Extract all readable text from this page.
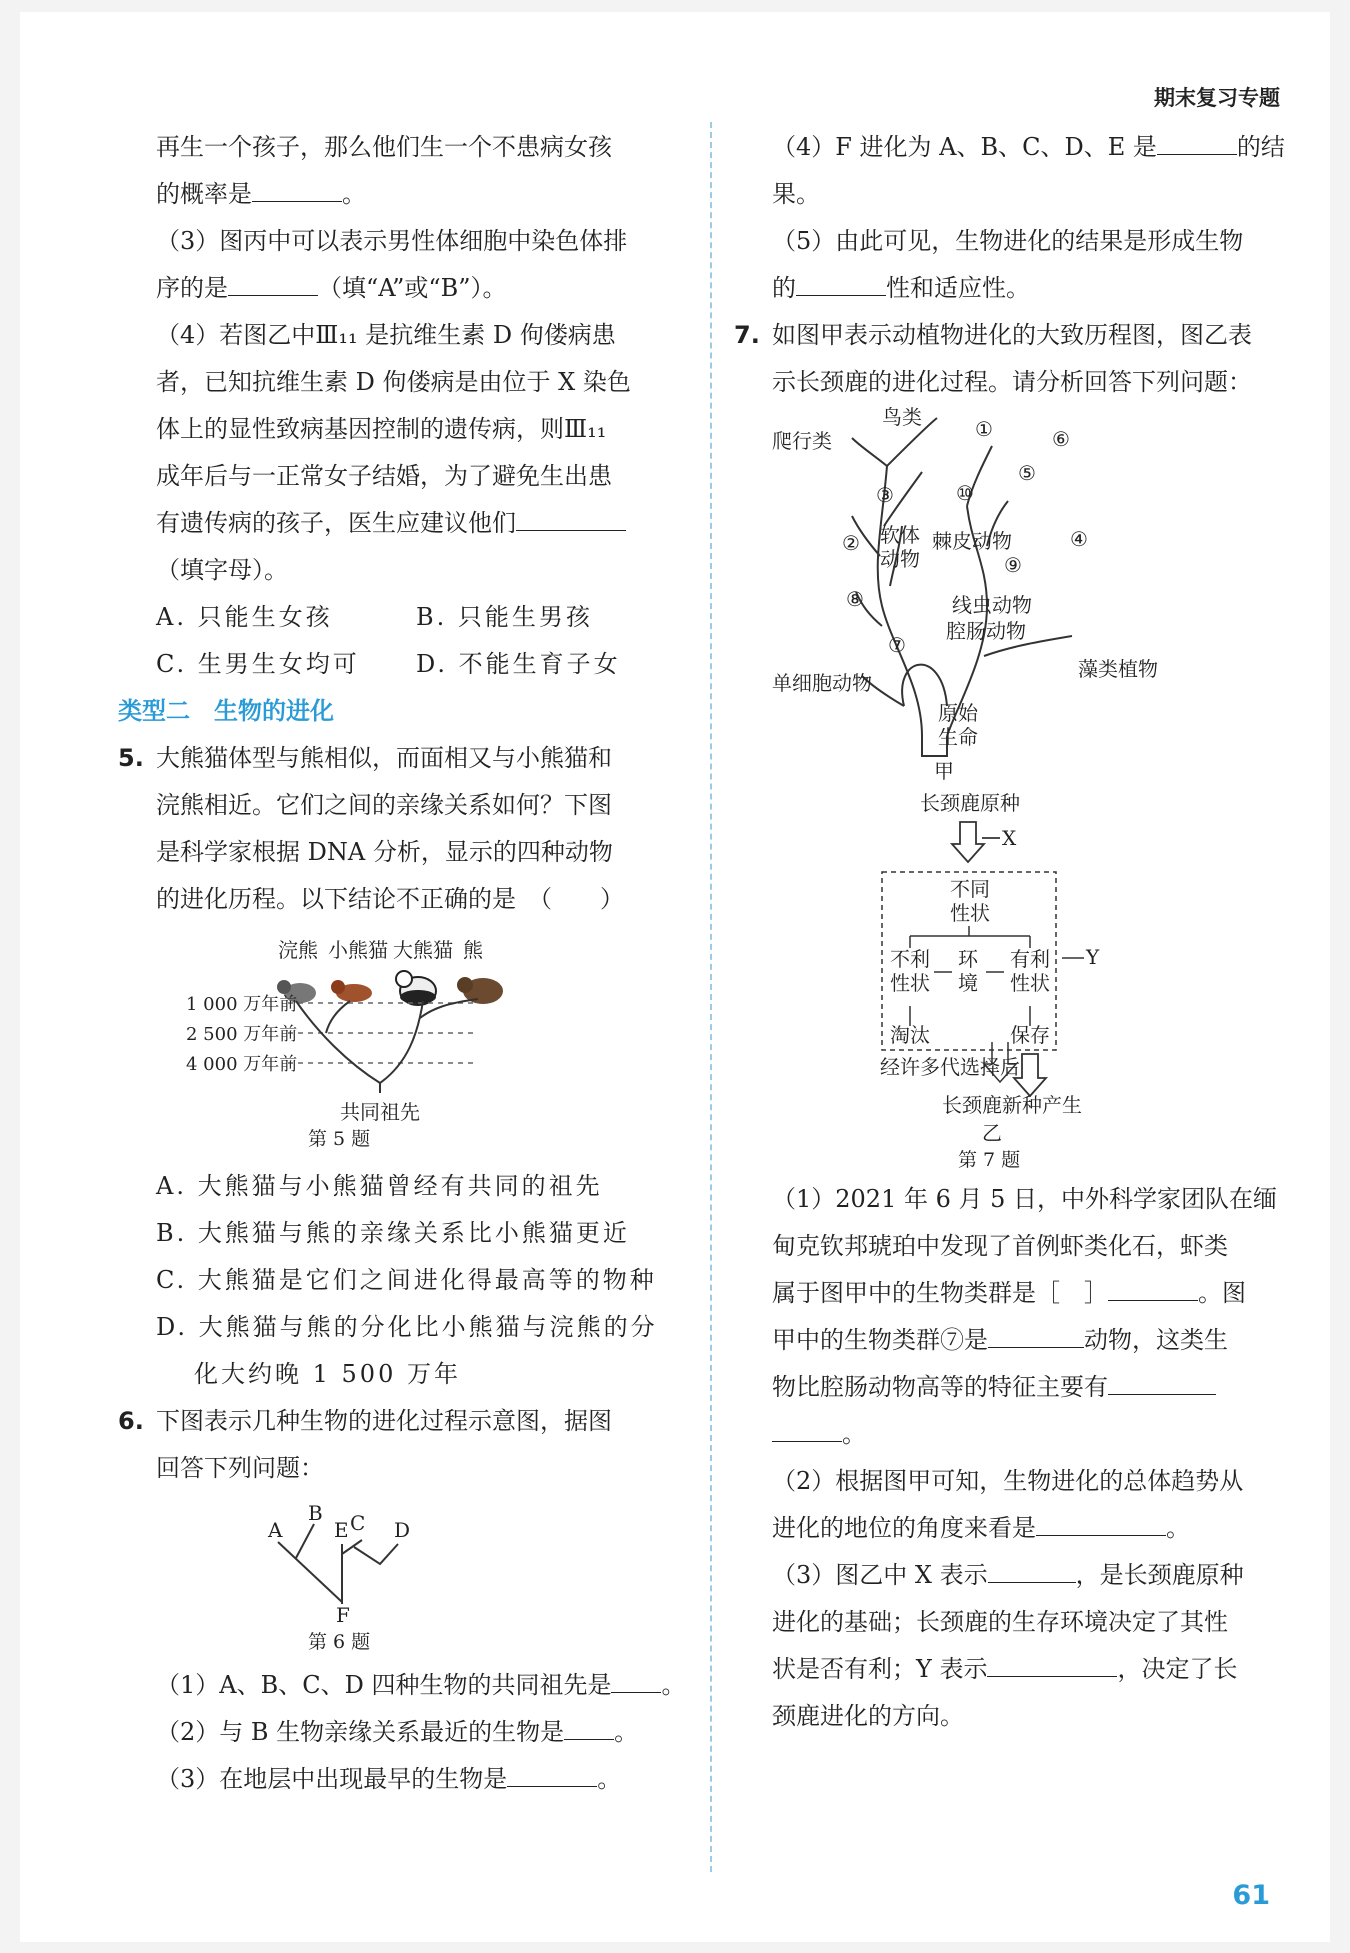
期末复习专题

再生一个孩子，那么他们生一个不患病女孩

的概率是	。

（3）图丙中可以表示男性体细胞中染色体排

序的是	（填“A”或“B”）。

（4）若图乙中Ⅲ₁₁ 是抗维生素 D 佝偻病患

者，已知抗维生素 D 佝偻病是由位于 X 染色

体上的显性致病基因控制的遗传病，则Ⅲ₁₁

成年后与一正常女子结婚，为了避免生出患

有遗传病的孩子，医生应建议他们

（填字母）。

A. 只能生女孩	B. 只能生男孩

C. 生男生女均可 D. 不能生育子女

类型二　生物的进化

5. 大熊猫体型与熊相似，而面相又与小熊猫和

浣熊相近。它们之间的亲缘关系如何？下图

是科学家根据 DNA 分析，显示的四种动物

的进化历程。以下结论不正确的是　（　　）

浣熊 小熊猫 大熊猫 熊
1 000 万年前
2 500 万年前
4 000 万年前
共同祖先
第 5 题

A. 大熊猫与小熊猫曾经有共同的祖先

B. 大熊猫与熊的亲缘关系比小熊猫更近

C. 大熊猫是它们之间进化得最高等的物种

D. 大熊猫与熊的分化比小熊猫与浣熊的分

化大约晚 1 500 万年

6. 下图表示几种生物的进化过程示意图，据图

回答下列问题：

A
B
E C D
F
第 6 题

（1）A、B、C、D 四种生物的共同祖先是 。

（2）与 B 生物亲缘关系最近的生物是 。

（3）在地层中出现最早的生物是	。

（4）F 进化为 A、B、C、D、E 是	的结果。

（5）由此可见，生物进化的结果是形成生物

的	性和适应性。

7. 如图甲表示动植物进化的大致历程图，图乙表

示长颈鹿的进化过程。请分析回答下列问题：

鸟类
爬行类
软体
动物
棘皮动物
线虫动物
腔肠动物
单细胞动物
原始
生命
藻类植物
①
②
③
④
⑤
⑥
⑦
⑧
⑨
⑩
甲
长颈鹿原种
X
不同
性状
不利
性状
环
境
有利
性状
Y
淘汰	保存
经许多代选择后
长颈鹿新种产生
乙
第 7 题

（1）2021 年 6 月 5 日，中外科学家团队在缅

甸克钦邦琥珀中发现了首例虾类化石，虾类

属于图甲中的生物类群是［　］	。图

甲中的生物类群⑦是	动物，这类生

物比腔肠动物高等的特征主要有

。

（2）根据图甲可知，生物进化的总体趋势从

进化的地位的角度来看是	。

（3）图乙中 X 表示	，是长颈鹿原种

进化的基础；长颈鹿的生存环境决定了其性

状是否有利；Y 表示	，决定了长

颈鹿进化的方向。

61
